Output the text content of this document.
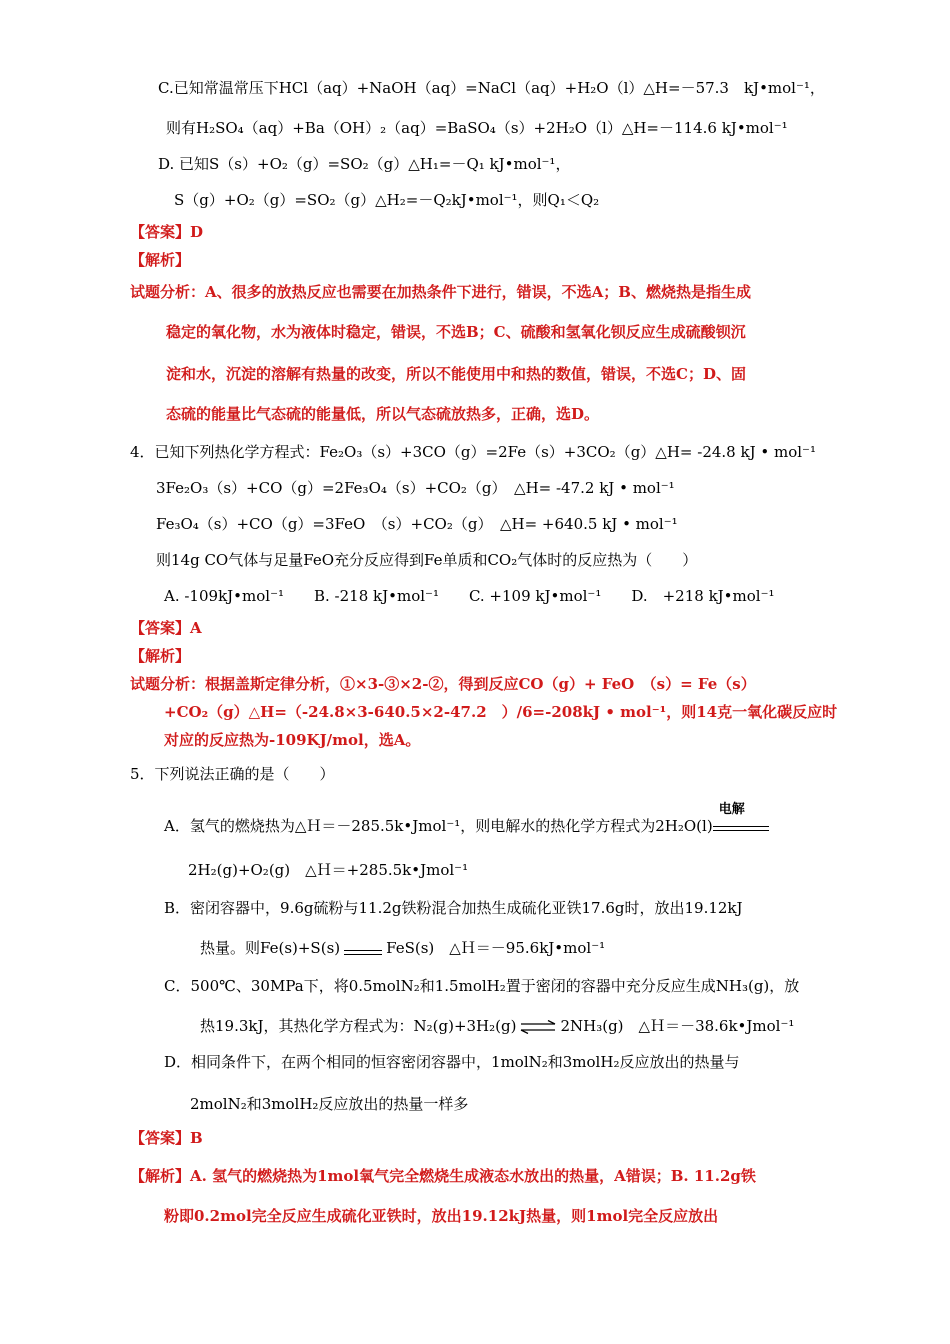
C.已知常温常压下HCl（aq）+NaOH（aq）=NaCl（aq）+H₂O（l）△H=－57.3　kJ•mol⁻¹，
则有H₂SO₄（aq）+Ba（OH）₂（aq）=BaSO₄（s）+2H₂O（l）△H=－114.6 kJ•mol⁻¹
D. 已知S（s）+O₂（g）=SO₂（g）△H₁=－Q₁ kJ•mol⁻¹，
S（g）+O₂（g）=SO₂（g）△H₂=－Q₂kJ•mol⁻¹，则Q₁＜Q₂
【答案】D
【解析】
试题分析：A、很多的放热反应也需要在加热条件下进行，错误，不选A；B、燃烧热是指生成
稳定的氧化物，水为液体时稳定，错误，不选B；C、硫酸和氢氧化钡反应生成硫酸钡沉
淀和水，沉淀的溶解有热量的改变，所以不能使用中和热的数值，错误，不选C；D、固
态硫的能量比气态硫的能量低，所以气态硫放热多，正确，选D。
4．已知下列热化学方程式：Fe₂O₃（s）+3CO（g）=2Fe（s）+3CO₂（g）△H= -24.8 kJ • mol⁻¹
3Fe₂O₃（s）+CO（g）=2Fe₃O₄（s）+CO₂（g）　△H= -47.2 kJ • mol⁻¹
Fe₃O₄（s）+CO（g）=3FeO　（s）+CO₂（g）　△H= +640.5 kJ • mol⁻¹
则14g CO气体与足量FeO充分反应得到Fe单质和CO₂气体时的反应热为（　　）
A. -109kJ•mol⁻¹　　B. -218 kJ•mol⁻¹　　C. +109 kJ•mol⁻¹　　D.　+218 kJ•mol⁻¹
【答案】A
【解析】
试题分析：根据盖斯定律分析，①×3-③×2-②，得到反应CO（g）+ FeO　（s）= Fe（s）
+CO₂（g）△H=（-24.8×3-640.5×2-47.2　）/6=-208kJ • mol⁻¹，则14克一氧化碳反应时
对应的反应热为-109KJ/mol，选A。
5．下列说法正确的是（　　）
A．氢气的燃烧热为△Ｈ＝－285.5k•Jmol⁻¹，则电解水的热化学方程式为2H₂O(l)
电解
2H₂(g)+O₂(g)　△Ｈ＝+285.5k•Jmol⁻¹
B．密闭容器中，9.6g硫粉与11.2g铁粉混合加热生成硫化亚铁17.6g时，放出19.12kJ
热量。则Fe(s)+S(s)	FeS(s)　△Ｈ＝－95.6kJ•mol⁻¹
C．500℃、30MPa下，将0.5molN₂和1.5molH₂置于密闭的容器中充分反应生成NH₃(g)，放
热19.3kJ，其热化学方程式为：N₂(g)+3H₂(g) ⇌ 2NH₃(g)　△Ｈ＝－38.6k•Jmol⁻¹
D．相同条件下，在两个相同的恒容密闭容器中，1molN₂和3molH₂反应放出的热量与
2molN₂和3molH₂反应放出的热量一样多
【答案】B
【解析】A. 氢气的燃烧热为1mol氧气完全燃烧生成液态水放出的热量，A错误；B. 11.2g铁
粉即0.2mol完全反应生成硫化亚铁时，放出19.12kJ热量，则1mol完全反应放出
